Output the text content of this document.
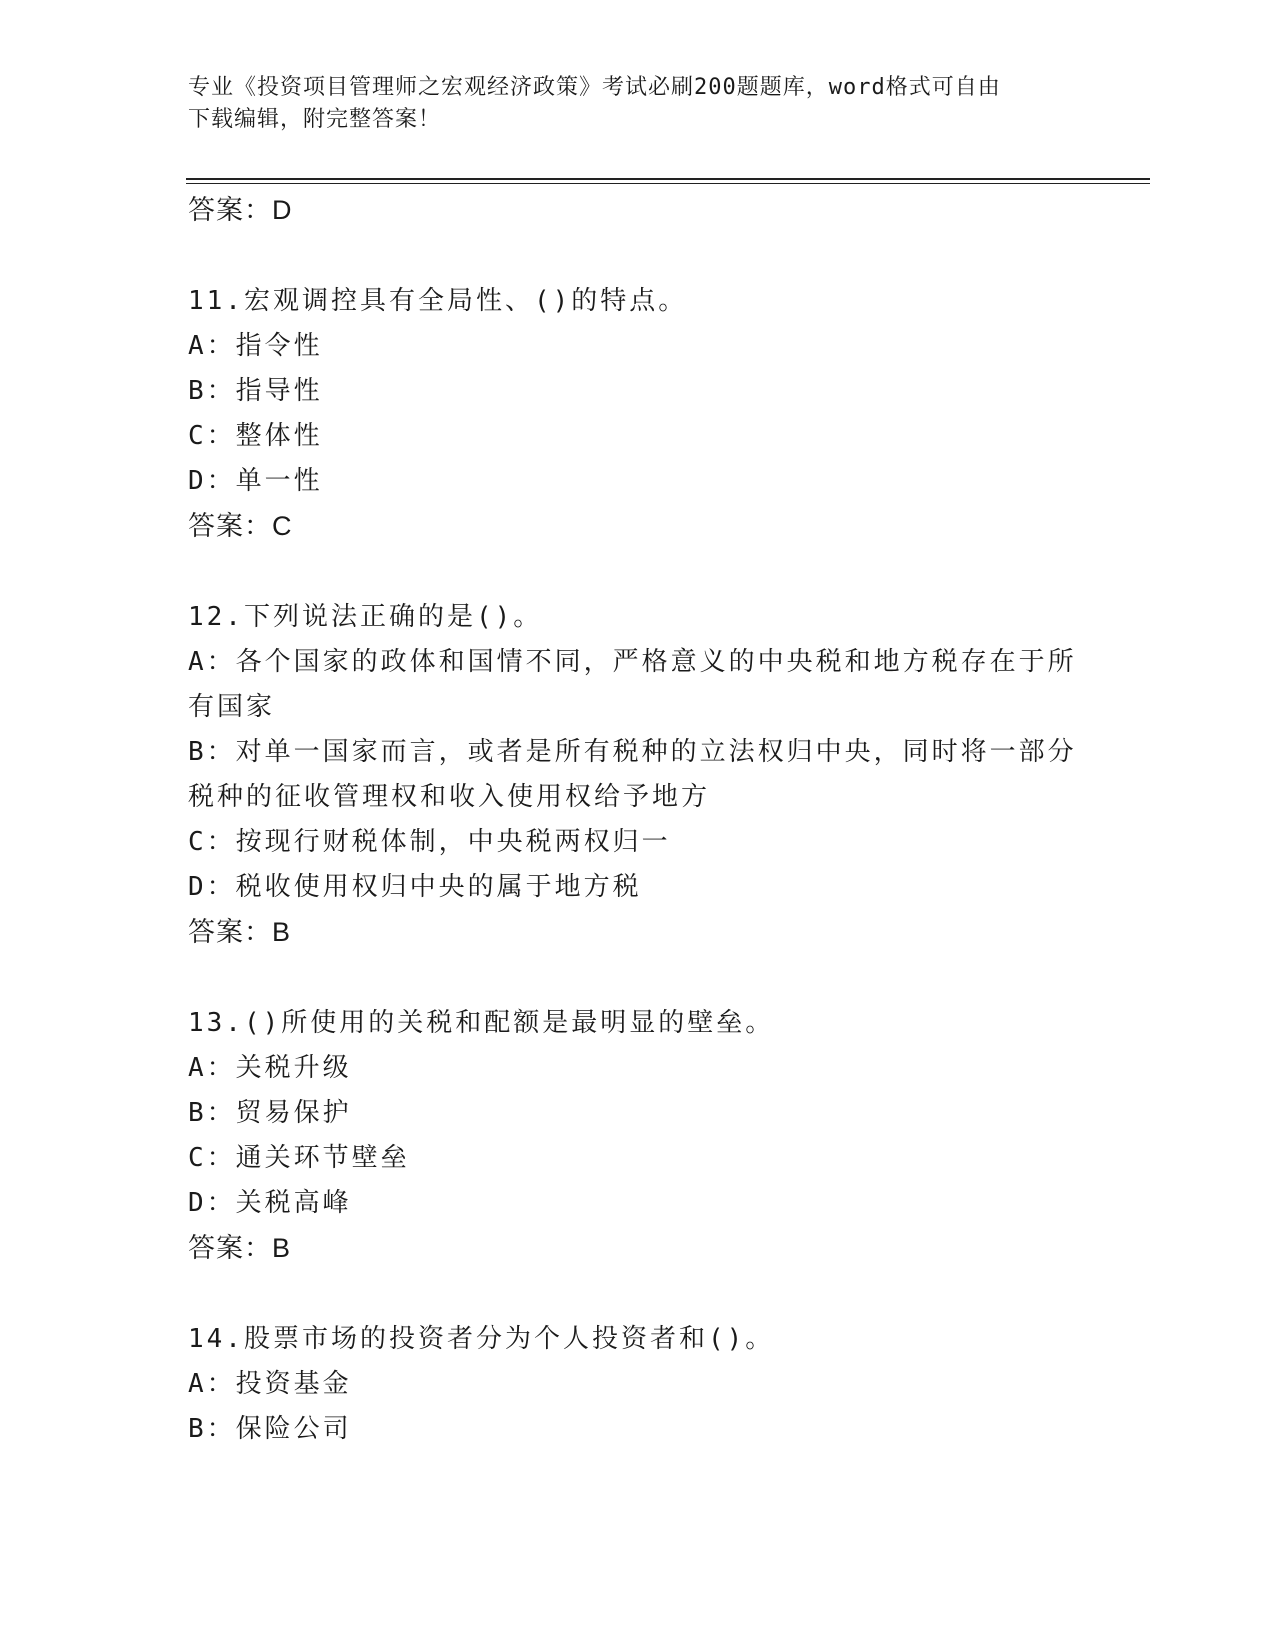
专业《投资项目管理师之宏观经济政策》考试必刷200题题库，word格式可自由
下载编辑，附完整答案！
答案：D
11.宏观调控具有全局性、()的特点。
A：指令性
B：指导性
C：整体性
D：单一性
答案：C
12.下列说法正确的是()。
A：各个国家的政体和国情不同，严格意义的中央税和地方税存在于所
有国家
B：对单一国家而言，或者是所有税种的立法权归中央，同时将一部分
税种的征收管理权和收入使用权给予地方
C：按现行财税体制，中央税两权归一
D：税收使用权归中央的属于地方税
答案：B
13.()所使用的关税和配额是最明显的壁垒。
A：关税升级
B：贸易保护
C：通关环节壁垒
D：关税高峰
答案：B
14.股票市场的投资者分为个人投资者和()。
A：投资基金
B：保险公司
